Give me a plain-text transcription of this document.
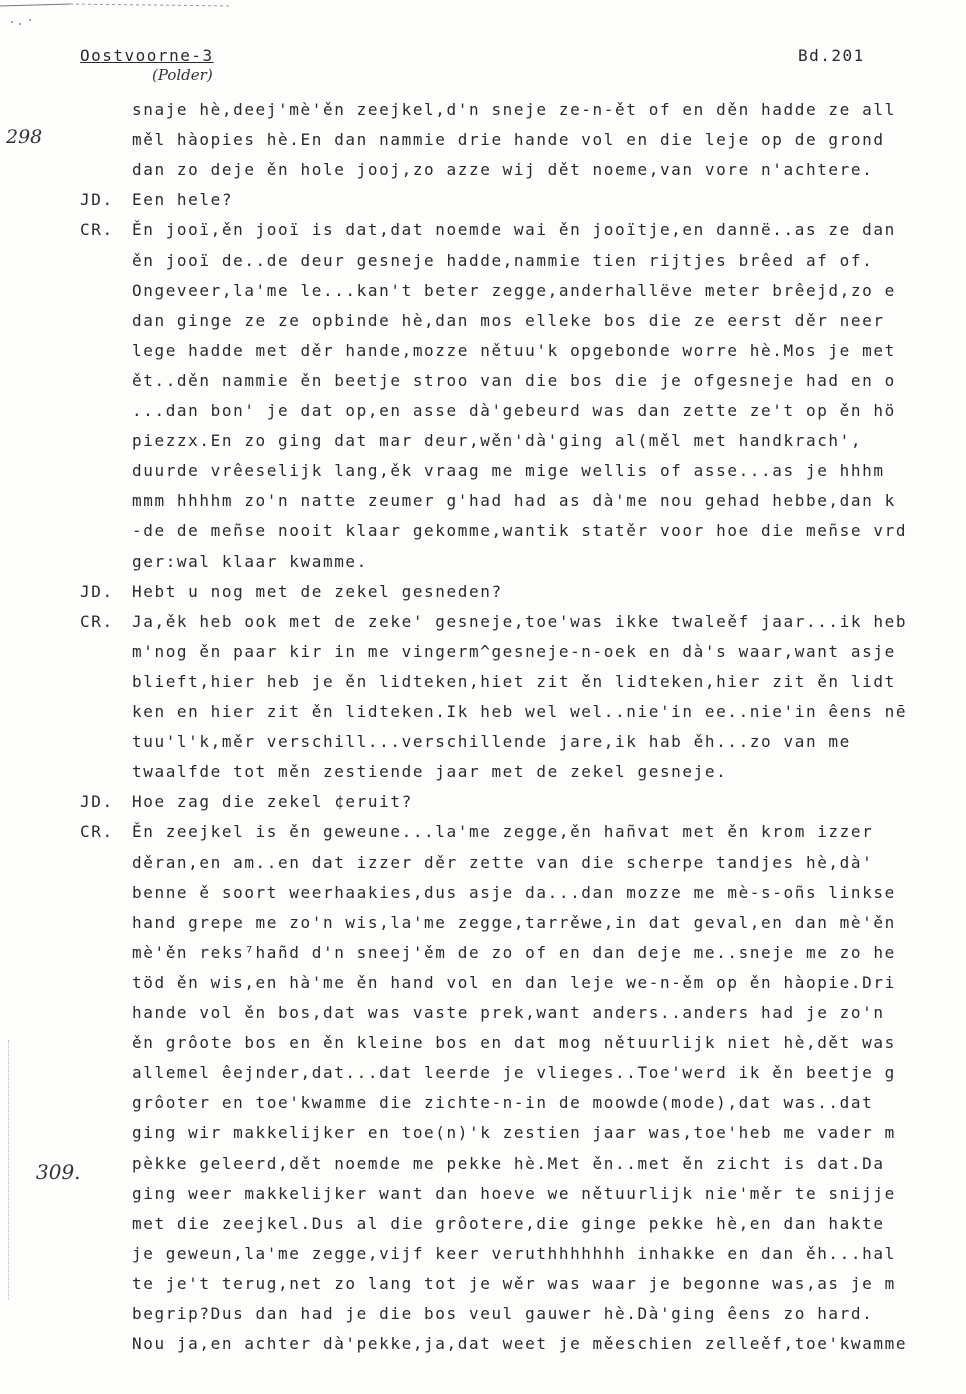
Oostvoorne-3	Bd.201
(Polder)
298
309.
snaje hè,deej'mè'ěn zeejkel,d'n sneje ze-n-ět of en děn hadde ze all
měl hàopies hè.En dan nammie drie hande vol en die leje op de grond
dan zo deje ěn hole jooj,zo azze wij dět noeme,van vore n'achtere.
JD. Een hele?
CR. Ěn jooï,ěn jooï is dat,dat noemde wai ěn jooïtje,en dannë..as ze dan
ěn jooï de..de deur gesneje hadde,nammie tien rijtjes brêed af of.
Ongeveer,la'me le...kan't beter zegge,anderhallëve meter brêejd,zo e
dan ginge ze ze opbinde hè,dan mos elleke bos die ze eerst děr neer
lege hadde met děr hande,mozze nětuu'k opgebonde worre hè.Mos je met
ět..děn nammie ěn beetje stroo van die bos die je ofgesneje had en o
...dan bon' je dat op,en asse dà'gebeurd was dan zette ze't op ěn hö
piezzx.En zo ging dat mar deur,wěn'dà'ging al(měl met handkrach',
duurde vrêeselijk lang,ěk vraag me mige wellis of asse...as je hhhm
mmm hhhhm zo'n natte zeumer g'had had as dà'me nou gehad hebbe,dan k
-de de meñse nooit klaar gekomme,wantik statěr voor hoe die meñse vrd
ger:wal klaar kwamme.
JD. Hebt u nog met de zekel gesneden?
CR. Ja,ěk heb ook met de zeke' gesneje,toe'was ikke twaleěf jaar...ik heb
m'nog ěn paar kir in me vingerm^gesneje-n-oek en dà's waar,want asje
blieft,hier heb je ěn lidteken,hiet zit ěn lidteken,hier zit ěn lidt
ken en hier zit ěn lidteken.Ik heb wel wel..nie'in ee..nie'in êens nē
tuu'l'k,měr verschill...verschillende jare,ik hab ěh...zo van me
twaalfde tot měn zestiende jaar met de zekel gesneje.
JD. Hoe zag die zekel ¢eruit?
CR. Ěn zeejkel is ěn geweune...la'me zegge,ěn hañvat met ěn krom izzer
děran,en am..en dat izzer děr zette van die scherpe tandjes hè,dà'
benne ě soort weerhaakies,dus asje da...dan mozze me mè-s-oñs linkse
hand grepe me zo'n wis,la'me zegge,tarrěwe,in dat geval,en dan mè'ěn
mè'ěn reks⁷hañd d'n sneej'ěm de zo of en dan deje me..sneje me zo he
töd ěn wis,en hà'me ěn hand vol en dan leje we-n-ěm op ěn hàopie.Dri
hande vol ěn bos,dat was vaste prek,want anders..anders had je zo'n
ěn grôote bos en ěn kleine bos en dat mog nětuurlijk niet hè,dět was
allemel êejnder,dat...dat leerde je vlieges..Toe'werd ik ěn beetje g
grôoter en toe'kwamme die zichte-n-in de moowde(mode),dat was..dat
ging wir makkelijker en toe(n)'k zestien jaar was,toe'heb me vader m
pèkke geleerd,dět noemde me pekke hè.Met ěn..met ěn zicht is dat.Da
ging weer makkelijker want dan hoeve we nětuurlijk nie'měr te snijje
met die zeejkel.Dus al die grôotere,die ginge pekke hè,en dan hakte
je geweun,la'me zegge,vijf keer veruthhhhhhh inhakke en dan ěh...hal
te je't terug,net zo lang tot je wěr was waar je begonne was,as je m
begrip?Dus dan had je die bos veul gauwer hè.Dà'ging êens zo hard.
Nou ja,en achter dà'pekke,ja,dat weet je měeschien zelleěf,toe'kwamme
